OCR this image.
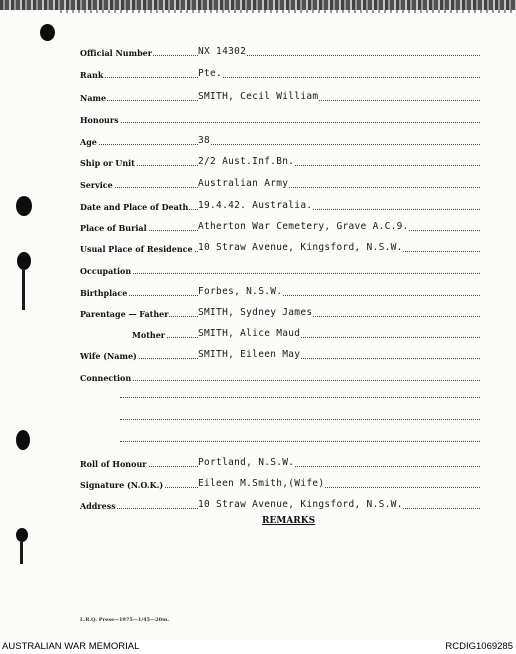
Official Number	NX 14302
Rank	Pte.
Name	SMITH, Cecil William
Honours
Age	38
Ship or Unit	2/2 Aust.Inf.Bn.
Service	Australian Army
Date and Place of Death 19.4.42. Australia.
Place of Burial	Atherton War Cemetery, Grave A.C.9.
Usual Place of Residence 10 Straw Avenue, Kingsford, N.S.W.
Occupation
Birthplace	Forbes, N.S.W.
Parentage — Father	SMITH, Sydney James
Mother	SMITH, Alice Maud
Wife (Name)	SMITH, Eileen May
Connection
Roll of Honour	Portland, N.S.W.
Signature (N.O.K.)	Eileen M.Smith,(Wife)
Address	10 Straw Avenue, Kingsford, N.S.W.
REMARKS
L.R.Q. Press—1975—1/45—20m.
AUSTRALIAN WAR MEMORIAL	RCDIG1069285
